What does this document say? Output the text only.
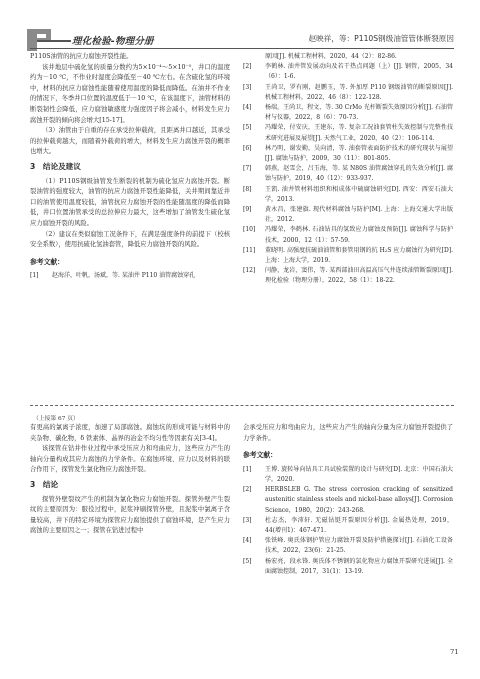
理化检验-物理分册	赵映祥，等：P110S钢级油管管体断裂原因

P110S油管的抗应力腐蚀开裂性能。

该井地层中硫化氢的质量分数约为5×10⁻⁴～5×10⁻⁵，井口的温度约为－10 ℃，不作业时湿度会降低至－40 ℃左右。在含硫化氢的环境中，材料的抗应力腐蚀性能随着使用温度的降低而降低。在油井不作业的情况下，冬季井口位置的温度低于－10 ℃，在该温度下，油管材料的断裂韧性会降低，应力腐蚀敏感度力强度因子将会减小，材料发生应力腐蚀开裂的倾向将会增大[15-17]。

（3）油管由于自重的存在承受拉伸载荷，且距离井口越近，其承受的拉伸载荷越大，而随着外载荷的增大，材料发生应力腐蚀开裂的概率也增大。

3　结论及建议

（1）P110S钢级油管发生断裂的机制为硫化氢应力腐蚀开裂。断裂油管的强度较大，油管的抗应力腐蚀开裂性能降低，关井期间靠近井口的油管使用温度较低，油管抗应力腐蚀开裂的性能随温度的降低而降低，井口位置油管承受的总拉伸应力最大，这些增加了油管发生硫化氢应力腐蚀开裂的风险。

（2）建议在类似腐蚀工况条件下，在满足强度条件的前提下（校核安全系数），使用抗硫化氢油套管，降低应力腐蚀开裂的风险。

参考文献：
[1]	赵海洋，叶帆，汤斌，等. 某油井 P110 油管腐蚀穿孔
原因[J]. 机械工程材料，2020，44（2）：82-86.
[2]	李鹤林. 油井管发展动向及若干热点问题（上）[J]. 钢管，2005，34（6）：1-6.
[3]	王尚卫，罗有刚，赵鹏玉，等. 外加厚 P110 钢级油管的断裂原因[J]. 机械工程材料，2022，46（8）：122-128.
[4]	杨端，王尚卫，程文，等. 30 CrMo 光杆断裂失效原因分析[J]. 石油管材与仪器，2022，8（6）：70-73.
[5]	冯耀荣，付安庆，王建东，等. 复杂工况油套管柱失效控制与完整性技术研究进展及展望[J]. 天然气工业，2020，40（2）：106-114.
[6]	林乃明，谢发勤，吴向清，等. 油套管表面防护技术的研究现状与展望[J]. 腐蚀与防护，2009，30（11）：801-805.
[7]	韩燕，赵雪会，吕玉海，等. 某 N80S 油管腐蚀穿孔的失效分析[J]. 腐蚀与防护，2019，40（12）：933-937.
[8]	王凯. 油井管材料组织和相成体中硫腐蚀研究[D]. 西安：西安石油大学，2013.
[9]	黄永昌，张建旗. 现代材料腐蚀与防护[M]. 上海：上海交通大学出版社，2012.
[10]	冯耀荣，李鹤林. 石油钻具的氢致应力腐蚀及预防[J]. 腐蚀科学与防护技术，2000，12（1）：57-59.
[11]	董晓明. 高强度抗硫油油管和套管用钢的抗 H₂S 应力腐蚀行为研究[D]. 上海：上海大学，2019.
[12]	闫静，龙岩，窦伟，等. 某西部油田高温高压气井连续油管断裂原因[J]. 理化检验（物理分册），2022，58（1）：18-22.
（上接第 67 页）

有更高的氯离子浓度，加速了局部腐蚀。腐蚀坑的形成可能与材料中的夹杂物、碳化物，δ 铁素体、晶界的冶金不均匀性等因素有关[3-4]。

该探管在钻井作业过程中承受压应力和弯曲应力，这些应力产生的轴向分量构成其应力腐蚀的力学条件。在腐蚀环境、应力以及材料的联合作用下，探管发生氯化物应力腐蚀开裂。

3　结论

探管外壁裂纹产生的机制为氯化物应力腐蚀开裂。探管外壁产生裂纹的主要原因为：服役过程中，泥浆冲刷探管外壁，且泥浆中氯离子含量较高，井下的特定环境为探管应力腐蚀提供了腐蚀环境，是产生应力腐蚀的主要原因之一；探管在钻进过程中

会承受压应力和弯曲应力，这些应力产生的轴向分量为应力腐蚀开裂提供了力学条件。

参考文献：
[1]	王博. 旋转导向钻具工具试验装置的设计与研究[D]. 北京：中国石油大学，2020.
[2]	HERBSLEB G. The stress corrosion cracking of sensitized austenitic stainless steels and nickel-base alloys[J]. Corrosion Science，1980，20(2)：243-268.
[3]	杜志杰，李沛轩. 无磁钻铤开裂原因分析[J]. 金属热处理，2019，44(增刊1)：467-471.
[4]	张铁峰. 奥氏体钢护管应力腐蚀开裂及防护措施探讨[J]. 石油化工设备技术，2022，23(6)：21-25.
[5]	杨宏亮，段永锋. 奥氏体不锈钢的氯化物应力腐蚀开裂研究进展[J]. 全面腐蚀控制，2017，31(1)：13-19.
71
